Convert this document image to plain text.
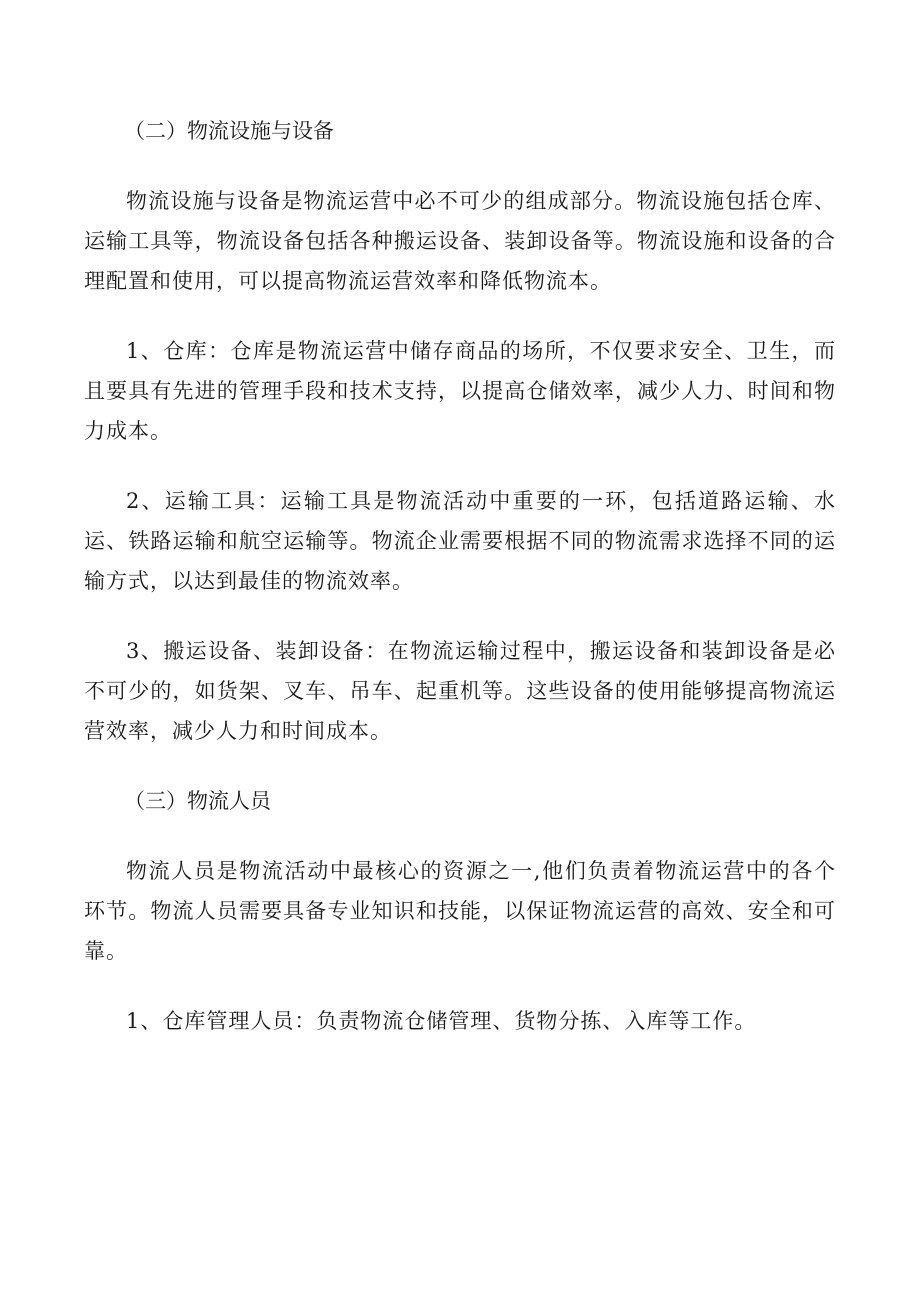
（二）物流设施与设备

物流设施与设备是物流运营中必不可少的组成部分。物流设施包括仓库、运输工具等，物流设备包括各种搬运设备、装卸设备等。物流设施和设备的合理配置和使用，可以提高物流运营效率和降低物流本。

1、仓库：仓库是物流运营中储存商品的场所，不仅要求安全、卫生，而且要具有先进的管理手段和技术支持，以提高仓储效率，减少人力、时间和物力成本。

2、运输工具：运输工具是物流活动中重要的一环，包括道路运输、水运、铁路运输和航空运输等。物流企业需要根据不同的物流需求选择不同的运输方式，以达到最佳的物流效率。

3、搬运设备、装卸设备：在物流运输过程中，搬运设备和装卸设备是必不可少的，如货架、叉车、吊车、起重机等。这些设备的使用能够提高物流运营效率，减少人力和时间成本。

（三）物流人员

物流人员是物流活动中最核心的资源之一,他们负责着物流运营中的各个环节。物流人员需要具备专业知识和技能，以保证物流运营的高效、安全和可靠。

1、仓库管理人员：负责物流仓储管理、货物分拣、入库等工作。
